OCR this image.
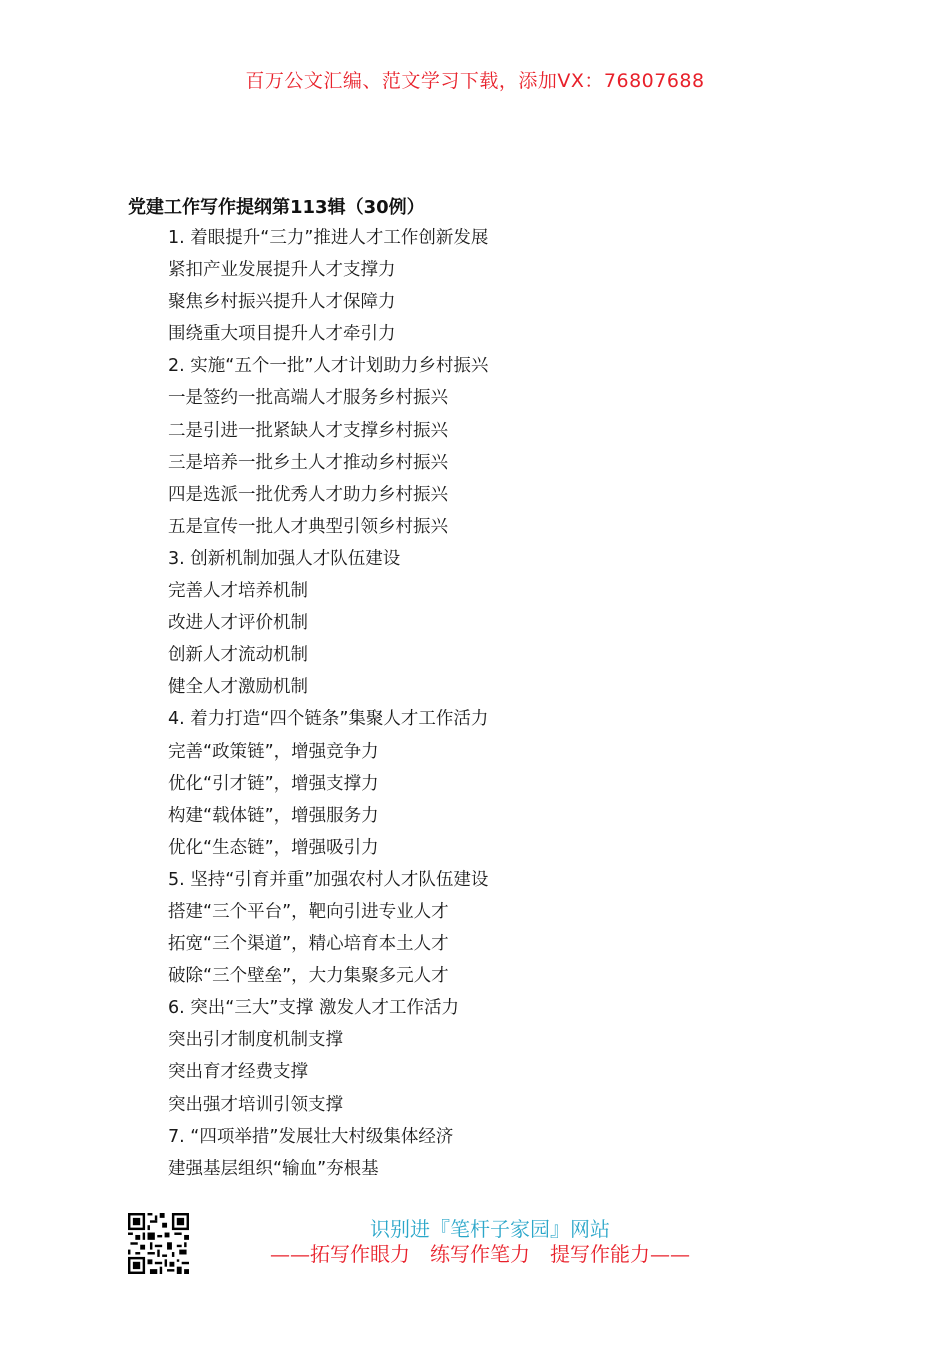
百万公文汇编、范文学习下载，添加VX：76807688
党建工作写作提纲第113辑（30例）
1. 着眼提升“三力”推进人才工作创新发展
紧扣产业发展提升人才支撑力
聚焦乡村振兴提升人才保障力
围绕重大项目提升人才牵引力
2. 实施“五个一批”人才计划助力乡村振兴
一是签约一批高端人才服务乡村振兴
二是引进一批紧缺人才支撑乡村振兴
三是培养一批乡土人才推动乡村振兴
四是选派一批优秀人才助力乡村振兴
五是宣传一批人才典型引领乡村振兴
3. 创新机制加强人才队伍建设
完善人才培养机制
改进人才评价机制
创新人才流动机制
健全人才激励机制
4. 着力打造“四个链条”集聚人才工作活力
完善“政策链”，增强竞争力
优化“引才链”，增强支撑力
构建“载体链”，增强服务力
优化“生态链”，增强吸引力
5. 坚持“引育并重”加强农村人才队伍建设
搭建“三个平台”，靶向引进专业人才
拓宽“三个渠道”，精心培育本土人才
破除“三个壁垒”，大力集聚多元人才
6. 突出“三大”支撑 激发人才工作活力
突出引才制度机制支撑
突出育才经费支撑
突出强才培训引领支撑
7. “四项举措”发展壮大村级集体经济
建强基层组织“输血”夯根基
识别进『笔杆子家园』网站
——拓写作眼力　练写作笔力　提写作能力——
